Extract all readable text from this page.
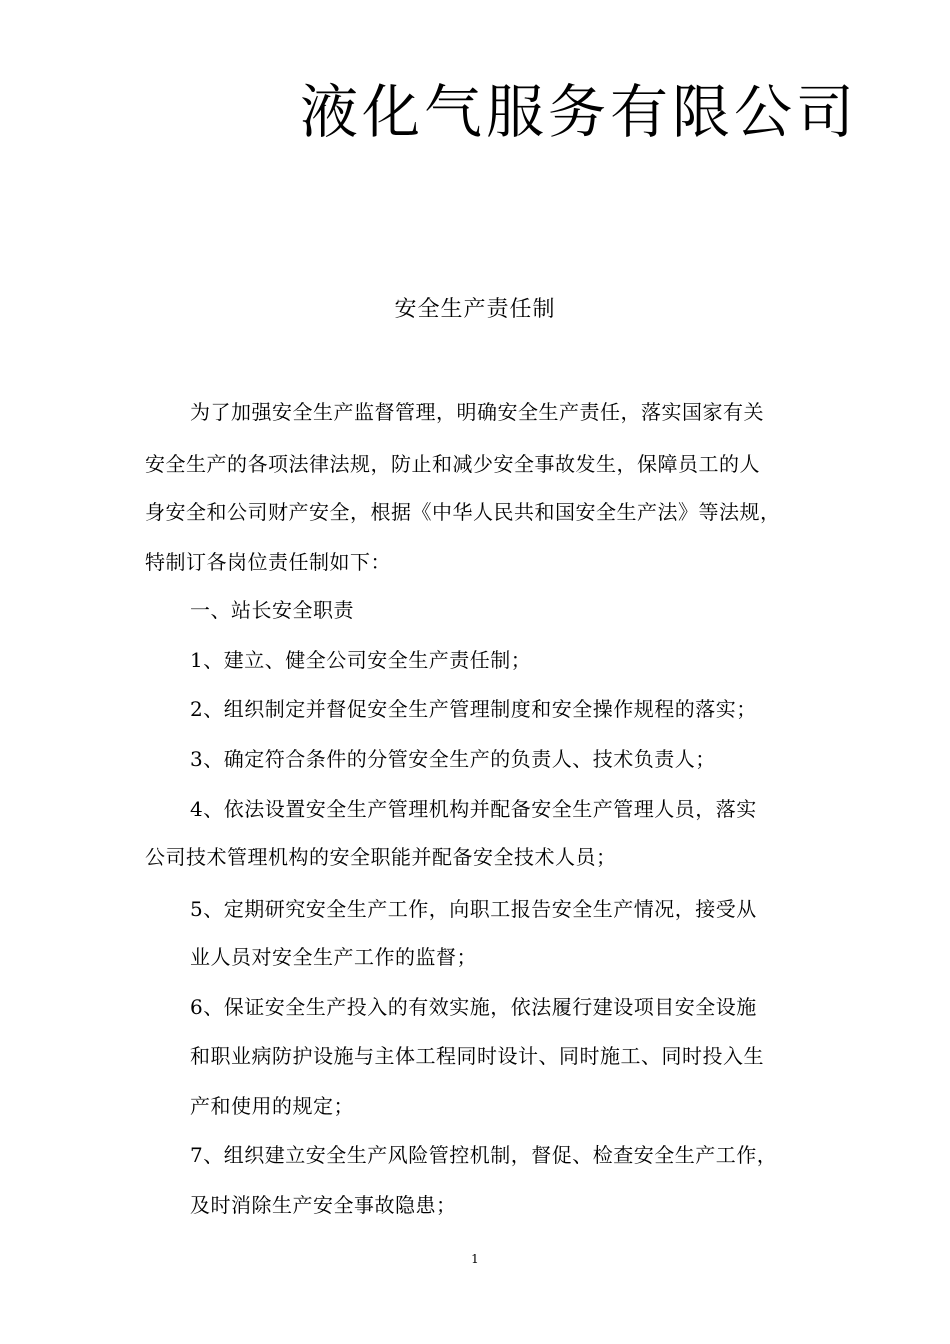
液化气服务有限公司
安全生产责任制
为了加强安全生产监督管理，明确安全生产责任，落实国家有关
安全生产的各项法律法规，防止和减少安全事故发生，保障员工的人
身安全和公司财产安全，根据《中华人民共和国安全生产法》等法规，
特制订各岗位责任制如下：
一、站长安全职责
1、建立、健全公司安全生产责任制；
2、组织制定并督促安全生产管理制度和安全操作规程的落实；
3、确定符合条件的分管安全生产的负责人、技术负责人；
4、依法设置安全生产管理机构并配备安全生产管理人员，落实
公司技术管理机构的安全职能并配备安全技术人员；
5、定期研究安全生产工作，向职工报告安全生产情况，接受从
业人员对安全生产工作的监督；
6、保证安全生产投入的有效实施，依法履行建设项目安全设施
和职业病防护设施与主体工程同时设计、同时施工、同时投入生
产和使用的规定；
7、组织建立安全生产风险管控机制，督促、检查安全生产工作，
及时消除生产安全事故隐患；
1
